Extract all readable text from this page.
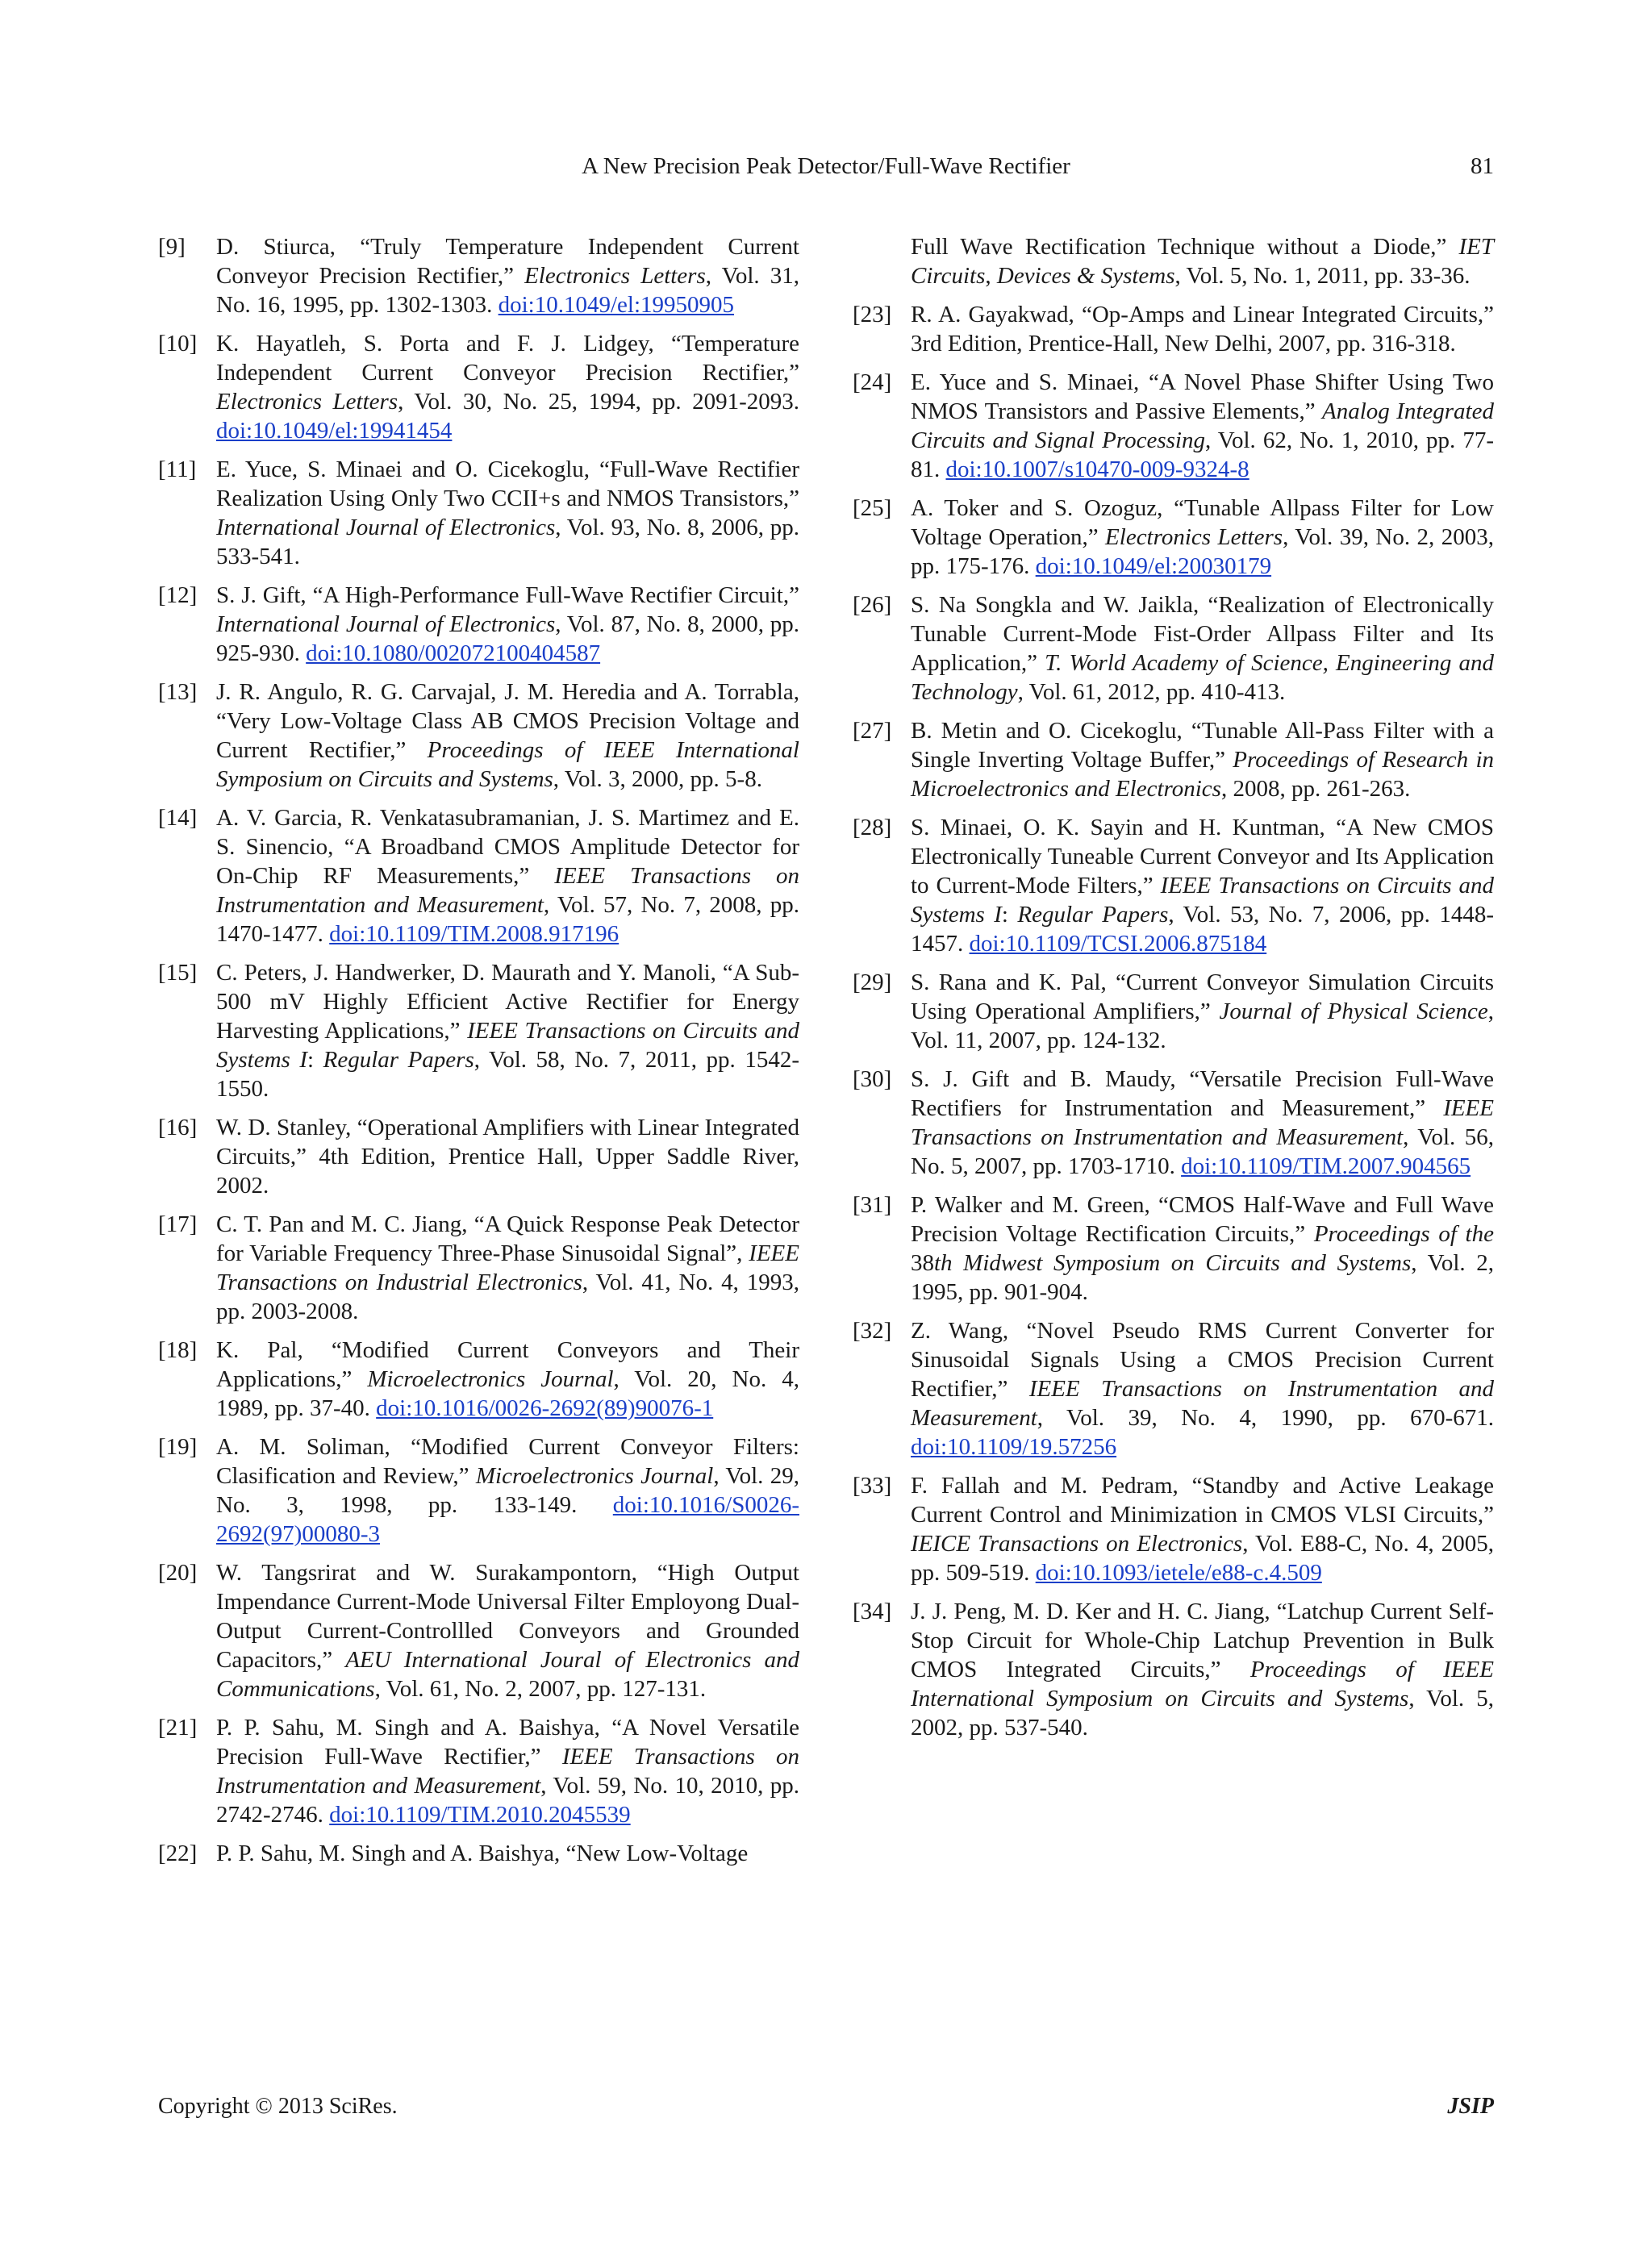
A New Precision Peak Detector/Full-Wave Rectifier	81
[9] D. Stiurca, “Truly Temperature Independent Current Conveyor Precision Rectifier,” Electronics Letters, Vol. 31, No. 16, 1995, pp. 1302-1303. doi:10.1049/el:19950905
[10] K. Hayatleh, S. Porta and F. J. Lidgey, “Temperature Independent Current Conveyor Precision Rectifier,” Electronics Letters, Vol. 30, No. 25, 1994, pp. 2091-2093. doi:10.1049/el:19941454
[11] E. Yuce, S. Minaei and O. Cicekoglu, “Full-Wave Rectifier Realization Using Only Two CCII+s and NMOS Transistors,” International Journal of Electronics, Vol. 93, No. 8, 2006, pp. 533-541.
[12] S. J. Gift, “A High-Performance Full-Wave Rectifier Circuit,” International Journal of Electronics, Vol. 87, No. 8, 2000, pp. 925-930. doi:10.1080/002072100404587
[13] J. R. Angulo, R. G. Carvajal, J. M. Heredia and A. Torrabla, “Very Low-Voltage Class AB CMOS Precision Voltage and Current Rectifier,” Proceedings of IEEE International Symposium on Circuits and Systems, Vol. 3, 2000, pp. 5-8.
[14] A. V. Garcia, R. Venkatasubramanian, J. S. Martimez and E. S. Sinencio, “A Broadband CMOS Amplitude Detector for On-Chip RF Measurements,” IEEE Transactions on Instrumentation and Measurement, Vol. 57, No. 7, 2008, pp. 1470-1477. doi:10.1109/TIM.2008.917196
[15] C. Peters, J. Handwerker, D. Maurath and Y. Manoli, “A Sub-500 mV Highly Efficient Active Rectifier for Energy Harvesting Applications,” IEEE Transactions on Circuits and Systems I: Regular Papers, Vol. 58, No. 7, 2011, pp. 1542-1550.
[16] W. D. Stanley, “Operational Amplifiers with Linear Integrated Circuits,” 4th Edition, Prentice Hall, Upper Saddle River, 2002.
[17] C. T. Pan and M. C. Jiang, “A Quick Response Peak Detector for Variable Frequency Three-Phase Sinusoidal Signal”, IEEE Transactions on Industrial Electronics, Vol. 41, No. 4, 1993, pp. 2003-2008.
[18] K. Pal, “Modified Current Conveyors and Their Applications,” Microelectronics Journal, Vol. 20, No. 4, 1989, pp. 37-40. doi:10.1016/0026-2692(89)90076-1
[19] A. M. Soliman, “Modified Current Conveyor Filters: Clasification and Review,” Microelectronics Journal, Vol. 29, No. 3, 1998, pp. 133-149. doi:10.1016/S0026-2692(97)00080-3
[20] W. Tangsrirat and W. Surakampontorn, “High Output Impendance Current-Mode Universal Filter Employong Dual-Output Current-Controllled Conveyors and Grounded Capacitors,” AEU International Joural of Electronics and Communications, Vol. 61, No. 2, 2007, pp. 127-131.
[21] P. P. Sahu, M. Singh and A. Baishya, “A Novel Versatile Precision Full-Wave Rectifier,” IEEE Transactions on Instrumentation and Measurement, Vol. 59, No. 10, 2010, pp. 2742-2746. doi:10.1109/TIM.2010.2045539
[22] P. P. Sahu, M. Singh and A. Baishya, “New Low-Voltage
Full Wave Rectification Technique without a Diode,” IET Circuits, Devices & Systems, Vol. 5, No. 1, 2011, pp. 33-36.
[23] R. A. Gayakwad, “Op-Amps and Linear Integrated Circuits,” 3rd Edition, Prentice-Hall, New Delhi, 2007, pp. 316-318.
[24] E. Yuce and S. Minaei, “A Novel Phase Shifter Using Two NMOS Transistors and Passive Elements,” Analog Integrated Circuits and Signal Processing, Vol. 62, No. 1, 2010, pp. 77-81. doi:10.1007/s10470-009-9324-8
[25] A. Toker and S. Ozoguz, “Tunable Allpass Filter for Low Voltage Operation,” Electronics Letters, Vol. 39, No. 2, 2003, pp. 175-176. doi:10.1049/el:20030179
[26] S. Na Songkla and W. Jaikla, “Realization of Electronically Tunable Current-Mode Fist-Order Allpass Filter and Its Application,” T. World Academy of Science, Engineering and Technology, Vol. 61, 2012, pp. 410-413.
[27] B. Metin and O. Cicekoglu, “Tunable All-Pass Filter with a Single Inverting Voltage Buffer,” Proceedings of Research in Microelectronics and Electronics, 2008, pp. 261-263.
[28] S. Minaei, O. K. Sayin and H. Kuntman, “A New CMOS Electronically Tuneable Current Conveyor and Its Application to Current-Mode Filters,” IEEE Transactions on Circuits and Systems I: Regular Papers, Vol. 53, No. 7, 2006, pp. 1448-1457. doi:10.1109/TCSI.2006.875184
[29] S. Rana and K. Pal, “Current Conveyor Simulation Circuits Using Operational Amplifiers,” Journal of Physical Science, Vol. 11, 2007, pp. 124-132.
[30] S. J. Gift and B. Maudy, “Versatile Precision Full-Wave Rectifiers for Instrumentation and Measurement,” IEEE Transactions on Instrumentation and Measurement, Vol. 56, No. 5, 2007, pp. 1703-1710. doi:10.1109/TIM.2007.904565
[31] P. Walker and M. Green, “CMOS Half-Wave and Full Wave Precision Voltage Rectification Circuits,” Proceedings of the 38th Midwest Symposium on Circuits and Systems, Vol. 2, 1995, pp. 901-904.
[32] Z. Wang, “Novel Pseudo RMS Current Converter for Sinusoidal Signals Using a CMOS Precision Current Rectifier,” IEEE Transactions on Instrumentation and Measurement, Vol. 39, No. 4, 1990, pp. 670-671. doi:10.1109/19.57256
[33] F. Fallah and M. Pedram, “Standby and Active Leakage Current Control and Minimization in CMOS VLSI Circuits,” IEICE Transactions on Electronics, Vol. E88-C, No. 4, 2005, pp. 509-519. doi:10.1093/ietele/e88-c.4.509
[34] J. J. Peng, M. D. Ker and H. C. Jiang, “Latchup Current Self-Stop Circuit for Whole-Chip Latchup Prevention in Bulk CMOS Integrated Circuits,” Proceedings of IEEE International Symposium on Circuits and Systems, Vol. 5, 2002, pp. 537-540.
Copyright © 2013 SciRes.	JSIP
